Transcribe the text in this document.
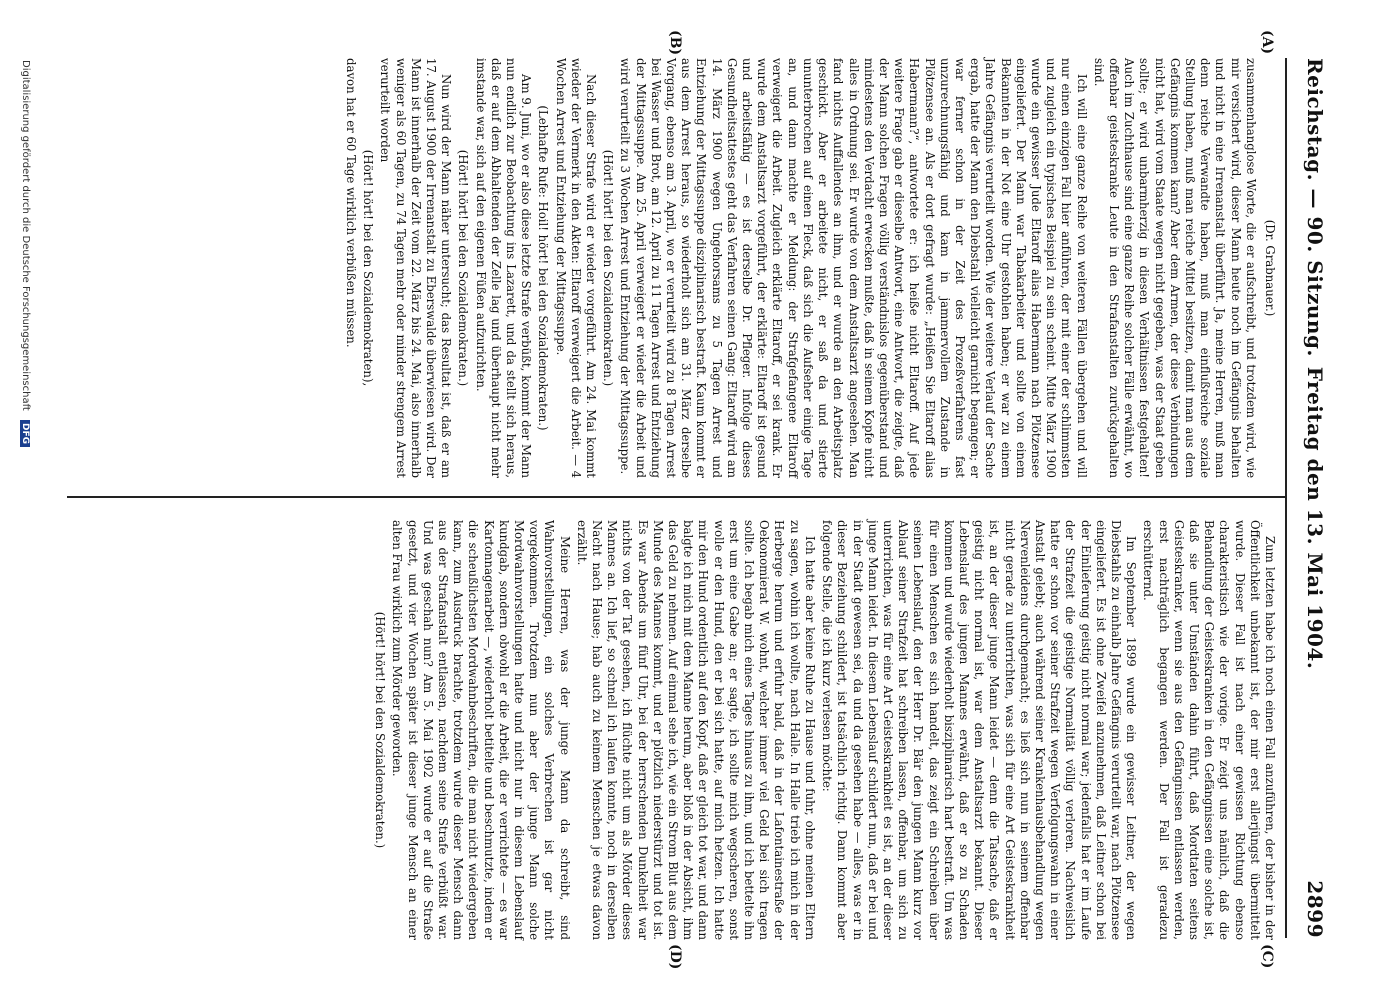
Reichstag. — 90. Sitzung.
Freitag den 13. Mai 1904.
2899
(A)
(B)
(C)
(D)

(Dr. Grabnauer.)

zusammenhanglose Worte, die er aufschreibt, und trotzdem wird, wie mir versichert wird, dieser Mann heute noch im Gefängnis behalten und nicht in eine Irrenanstalt überführt. Ja, meine Herren, muß man denn reiche Verwandte haben, muß man einflußreiche soziale Stellung haben, muß man reiche Mittel besitzen, damit man aus dem Gefängnis kommen kann? Aber dem Armen, der diese Verbindungen nicht hat, wird vom Staate wegen nicht gegeben, was der Staat geben sollte; er wird unbarmherzig in diesen Verhältnissen festgehalten! Auch im Zuchthause sind eine ganze Reihe solcher Fälle erwähnt, wo offenbar geisteskranke Leute in den Strafanstalten zurückgehalten sind.

Ich will eine ganze Reihe von weiteren Fällen übergehen und will nur einen einzigen Fall hier anführen, der mit einer der schlimmsten und zugleich ein typisches Beispiel zu sein scheint. Mitte März 1900 wurde ein gewisser Jude Eltaroff alias Habermann nach Plötzensee eingeliefert. Der Mann war Tabakarbeiter und sollte von einem Bekannten in der Not eine Uhr gestohlen haben; er war zu einem Jahre Gefängnis verurteilt worden. Wie der weitere Verlauf der Sache ergab, hatte der Mann den Diebstahl vielleicht garnicht begangen; er war ferner schon in der Zeit des Prozeßverfahrens fast unzurechnungsfähig und kam in jammervollem Zustande in Plötzensee an. Als er dort gefragt wurde: „Heißen Sie Eltaroff alias Habermann?“, antwortete er: ich heiße nicht Eltaroff. Auf jede weitere Frage gab er dieselbe Antwort, eine Antwort, die zeigte, daß der Mann solchen Fragen völlig verständnislos gegenüberstand und mindestens den Verdacht erwecken mußte, daß in seinem Kopfe nicht alles in Ordnung sei. Er wurde von dem Anstaltsarzt angesehen. Man fand nichts Auffallendes an ihm, und er wurde an den Arbeitsplatz geschickt. Aber er arbeitete nicht, er saß da und stierte ununterbrochen auf einen Fleck, daß sich die Aufseher einige Tage an, und dann machte er Meldung: der Strafgefangene Eltaroff verweigert die Arbeit. Zugleich erklärte Eltaroff, er sei krank. Er wurde dem Anstaltsarzt vorgeführt, der erklärte: Eltaroff ist gesund und arbeitsfähig — es ist derselbe Dr. Pfleger. Infolge dieses Gesundheitsattestes geht das Verfahren seinen Gang: Eltaroff wird am 14. März 1900 wegen Ungehorsams zu 5 Tagen Arrest und Entziehung der Mittagssuppe disziplinarisch bestraft. Kaum kommt er aus dem Arrest heraus, so wiederholt sich am 31. März derselbe Vorgang, ebenso am 3. April, wo er verurteilt wird zu 8 Tagen Arrest bei Wasser und Brot, am 12. April zu 11 Tagen Arrest und Entziehung der Mittagssuppe. Am 25. April verweigert er wieder die Arbeit und wird verurteilt zu 3 Wochen Arrest und Entziehung der Mittagssuppe.

(Hört! hört! bei den Sozialdemokraten.)

Nach dieser Strafe wird er wieder vorgeführt. Am 24. Mai kommt wieder der Vermerk in den Akten: Eltaroff verweigert die Arbeit. — 4 Wochen Arrest und Entziehung der Mittagssuppe.

(Lebhafte Rufe: Hoil! hört! bei den Sozialdemokraten.)

Am 9. Juni, wo er also diese letzte Strafe verbüßt, kommt der Mann nun endlich zur Beobachtung ins Lazarett, und da stellt sich heraus, daß er auf dem Abhaltenden der Zelle lag und überhaupt nicht mehr imstande war, sich auf den eigenen Füßen aufzurichten.

(Hört! hört! bei den Sozialdemokraten.)

Nun wird der Mann näher untersucht; das Resultat ist, daß er am 17. August 1900 der Irrenanstalt zu Eberswalde überwiesen wird. Der Mann ist innerhalb der Zeit vom 22. März bis 24. Mai, also innerhalb weniger als 60 Tagen, zu 74 Tagen mehr oder minder strengem Arrest verurteilt worden

(Hört! hört! bei den Sozialdemokraten),

davon hat er 60 Tage wirklich verbüßen müssen.

Zum letzten habe ich noch einen Fall anzuführen, der bisher in der Öffentlichkeit unbekannt ist, der mir erst allerjüngst übermittelt wurde. Dieser Fall ist nach einer gewissen Richtung ebenso charakteristisch wie der vorige. Er zeigt uns nämlich, daß die Behandlung der Geisteskranken in den Gefängnissen eine solche ist, daß sie unter Umständen dahin führt, daß Mordtaten seitens Geisteskranker, wenn sie aus den Gefängnissen entlassen werden, erst nachträglich begangen werden. Der Fall ist geradezu erschütternd.

Im September 1899 wurde ein gewisser Leitner, der wegen Diebstahls zu einhalb Jahre Gefängnis verurteilt war, nach Plötzensee eingeliefert. Es ist ohne Zweifel anzunehmen, daß Leitner schon bei der Einlieferung geistig nicht normal war; jedenfalls hat er im Laufe der Strafzeit die geistige Normalität völlig verloren. Nachweislich hatte er schon vor seiner Strafzeit wegen Verfolgungswahn in einer Anstalt gelebt; auch während seiner Krankenhausbehandlung wegen Nervenleidens durchgemacht; es ließ sich nun in seinem offenbar nicht gerade zu unterrichten, was sich für eine Art Geisteskrankheit ist, an der dieser junge Mann leidet — denn die Tatsache, daß er geistig nicht normal ist, war dem Anstaltsarzt bekannt. Dieser Lebenslauf des jungen Mannes erwähnt, daß er so zu Schaden kommen und wurde wiederholt bisziplinarisch hart bestraft. Um was für einen Menschen es sich handelt, das zeigt ein Schreiben über seinen Lebenslauf, den der Herr Dr. Bär den jungen Mann kurz vor Ablauf seiner Strafzeit hat schreiben lassen, offenbar, um sich zu unterrichten, was für eine Art Geisteskrankheit es ist, an der dieser junge Mann leidet. In diesem Lebenslauf schildert nun, daß er bei und in der Stadt gewesen sei, da und da gesehen habe — alles, was er in dieser Beziehung schildert, ist tatsächlich richtig. Dann kommt aber folgende Stelle, die ich kurz verlesen möchte:

Ich hatte aber keine Ruhe zu Hause und fuhr, ohne meinen Eltern zu sagen, wohin ich wollte, nach Halle. In Halle trieb ich mich in der Herberge herum und erfuhr bald, daß in der Lafontainestraße der Oekonomierat W. wohnt, welcher immer viel Geld bei sich tragen sollte. Ich begab mich eines Tages hinaus zu ihm, und ich bettelte ihn erst um eine Gabe an; er sagte, ich sollte mich wegscheren, sonst wolle er den Hund, den er bei sich hatte, auf mich hetzen. Ich hatte mir den Hund ordentlich auf den Kopf, daß er gleich tot war, und dann balgte ich mich mit dem Manne herum, aber bloß in der Absicht, ihm das Geld zu nehmen. Auf einmal sehe ich, wie ein Strom Blut aus dem Munde des Mannes kommt, und er plötzlich niederstürzt und tot ist. Es war Abends um fünf Uhr, bei der herrschenden Dunkelheit war nichts von der Tat gesehen, ich flüchte nicht um als Mörder dieses Mannes an. Ich lief, so schnell ich laufen konnte, noch in derselben Nacht nach Hause; hab auch zu keinem Menschen je etwas davon erzählt.

Meine Herren, was der junge Mann da schreibt, sind Wahnvorstellungen, ein solches Verbrechen ist gar nicht vorgekommen. Trotzdem nun aber der junge Mann solche Mordwahnvorstellungen hatte und nicht nur in diesem Lebenslauf kundgab, sondern obwohl er die Arbeit, die er verrichtete — es war Kartonnagenarbeit —, wiederholt betitelte und beschmutzte, indem er die scheußlichsten Mordwahnbeschriften, die man nicht wiedergeben kann, zum Ausdruck brachte, trotzdem wurde dieser Mensch dann aus der Strafanstalt entlassen, nachdem seine Strafe verbüßt war. Und was geschah nun? Am 5. Mai 1902 wurde er auf die Straße gesetzt, und vier Wochen später ist dieser junge Mensch an einer alten Frau wirklich zum Mörder geworden.

(Hört! hört! bei den Sozialdemokraten.)

Digitalisierung gefördert durch die Deutsche Forschungsgemeinschaft DFG
